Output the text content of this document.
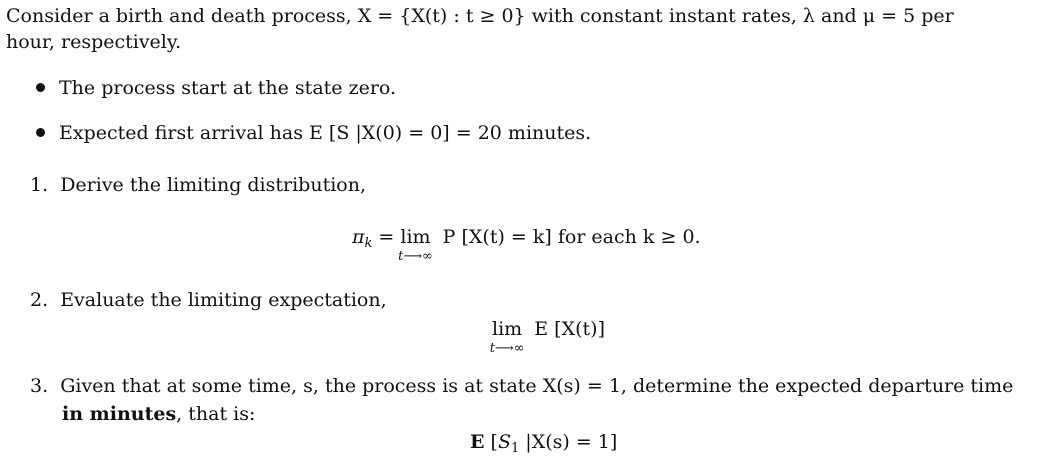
Consider a birth and death process, X = {X(t) : t ≥ 0} with constant instant rates, λ and μ = 5 per
hour, respectively.
The process start at the state zero.
Expected first arrival has E [S |X(0) = 0] = 20 minutes.
1. Derive the limiting distribution,
$\pi_k = \lim$
t⟶∞
P [X(t) = k] for each k ≥ 0.
2. Evaluate the limiting expectation,
lim
t⟶∞
E [X(t)]
3. Given that at some time, s, the process is at state X(s) = 1, determine the expected departure time
in minutes, that is:
E [$S_1$ |X(s) = 1]
